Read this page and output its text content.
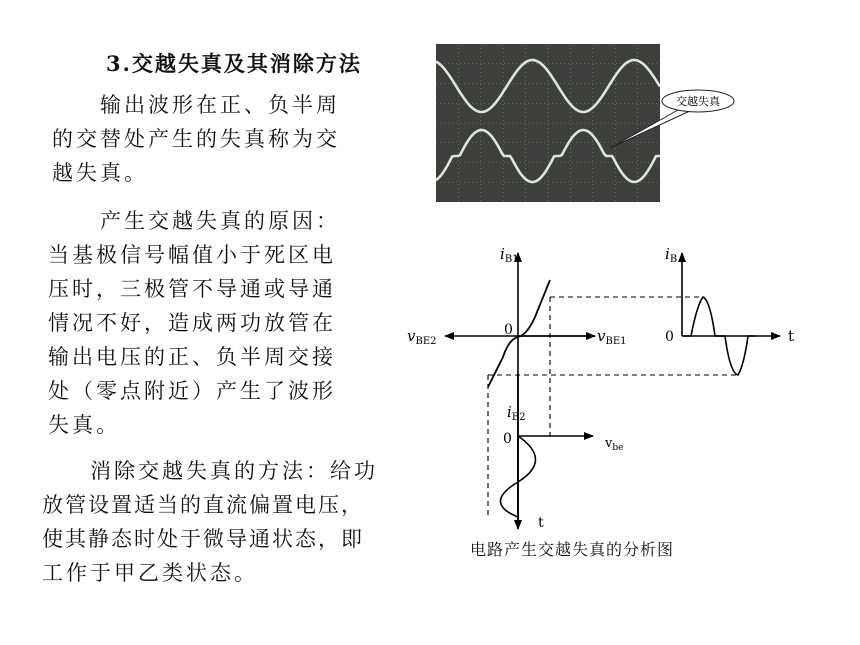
3.交越失真及其消除方法
输出波形在正、负半周
的交替处产生的失真称为交
越失真。
产生交越失真的原因：
当基极信号幅值小于死区电
压时，三极管不导通或导通
情况不好，造成两功放管在
输出电压的正、负半周交接
处（零点附近）产生了波形
失真。
消除交越失真的方法：给功
放管设置适当的直流偏置电压，
使其静态时处于微导通状态，即
工作于甲乙类状态。
交越失真
$i_{B1}$
$v_{BE2}$	$v_{BE1}$
0
$i_{B2}$
0	$v_{be}$
t
$i_B$
0	t
电路产生交越失真的分析图
